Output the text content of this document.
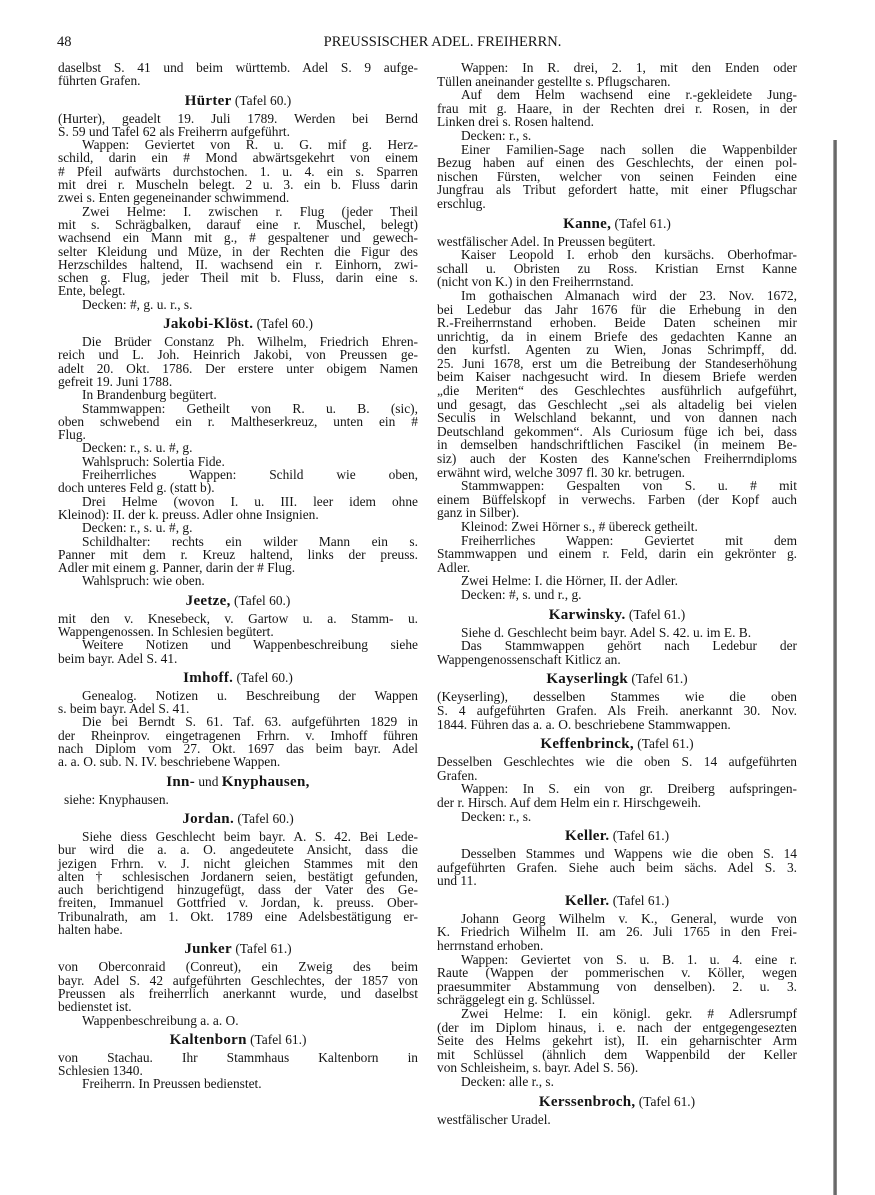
48	PREUSSISCHER ADEL. FREIHERRN.
daselbst S. 41 und beim württemb. Adel S. 9 aufge-
führten Grafen.
Hürter (Tafel 60.)
(Hurter), geadelt 19. Juli 1789. Werden bei Bernd
S. 59 und Tafel 62 als Freiherrn aufgeführt.
Wappen: Geviertet von R. u. G. mif g. Herz-
schild, darin ein # Mond abwärtsgekehrt von einem
# Pfeil aufwärts durchstochen. 1. u. 4. ein s. Sparren
mit drei r. Muscheln belegt. 2 u. 3. ein b. Fluss darin
zwei s. Enten gegeneinander schwimmend.
Zwei Helme: I. zwischen r. Flug (jeder Theil
mit s. Schrägbalken, darauf eine r. Muschel, belegt)
wachsend ein Mann mit g., # gespaltener und gewech-
selter Kleidung und Müze, in der Rechten die Figur des
Herzschildes haltend, II. wachsend ein r. Einhorn, zwi-
schen g. Flug, jeder Theil mit b. Fluss, darin eine s.
Ente, belegt.
Decken: #, g. u. r., s.
Jakobi-Klöst. (Tafel 60.)
Die Brüder Constanz Ph. Wilhelm, Friedrich Ehren-
reich und L. Joh. Heinrich Jakobi, von Preussen ge-
adelt 20. Okt. 1786. Der erstere unter obigem Namen
gefreit 19. Juni 1788.
In Brandenburg begütert.
Stammwappen: Getheilt von R. u. B. (sic),
oben schwebend ein r. Maltheserkreuz, unten ein #
Flug.
Decken: r., s. u. #, g.
Wahlspruch: Solertia Fide.
Freiherrliches Wappen: Schild wie oben,
doch unteres Feld g. (statt b).
Drei Helme (wovon I. u. III. leer idem ohne
Kleinod): II. der k. preuss. Adler ohne Insignien.
Decken: r., s. u. #, g.
Schildhalter: rechts ein wilder Mann ein s.
Panner mit dem r. Kreuz haltend, links der preuss.
Adler mit einem g. Panner, darin der # Flug.
Wahlspruch: wie oben.
Jeetze, (Tafel 60.)
mit den v. Knesebeck, v. Gartow u. a. Stamm- u.
Wappengenossen. In Schlesien begütert.
Weitere Notizen und Wappenbeschreibung siehe
beim bayr. Adel S. 41.
Imhoff. (Tafel 60.)
Genealog. Notizen u. Beschreibung der Wappen
s. beim bayr. Adel S. 41.
Die bei Berndt S. 61. Taf. 63. aufgeführten 1829 in
der Rheinprov. eingetragenen Frhrn. v. Imhoff führen
nach Diplom vom 27. Okt. 1697 das beim bayr. Adel
a. a. O. sub. N. IV. beschriebene Wappen.
Inn- und Knyphausen,
siehe: Knyphausen.
Jordan. (Tafel 60.)
Siehe diess Geschlecht beim bayr. A. S. 42. Bei Lede-
bur wird die a. a. O. angedeutete Ansicht, dass die
jezigen Frhrn. v. J. nicht gleichen Stammes mit den
alten † schlesischen Jordanern seien, bestätigt gefunden,
auch berichtigend hinzugefügt, dass der Vater des Ge-
freiten, Immanuel Gottfried v. Jordan, k. preuss. Ober-
Tribunalrath, am 1. Okt. 1789 eine Adelsbestätigung er-
halten habe.
Junker (Tafel 61.)
von Oberconraid (Conreut), ein Zweig des beim
bayr. Adel S. 42 aufgeführten Geschlechtes, der 1857 von
Preussen als freiherrlich anerkannt wurde, und daselbst
bedienstet ist.
Wappenbeschreibung a. a. O.
Kaltenborn (Tafel 61.)
von Stachau. Ihr Stammhaus Kaltenborn in
Schlesien 1340.
Freiherrn. In Preussen bedienstet.
Wappen: In R. drei, 2. 1, mit den Enden oder
Tüllen aneinander gestellte s. Pflugscharen.
Auf dem Helm wachsend eine r.-gekleidete Jung-
frau mit g. Haare, in der Rechten drei r. Rosen, in der
Linken drei s. Rosen haltend.
Decken: r., s.
Einer Familien-Sage nach sollen die Wappenbilder
Bezug haben auf einen des Geschlechts, der einen pol-
nischen Fürsten, welcher von seinen Feinden eine
Jungfrau als Tribut gefordert hatte, mit einer Pflugschar
erschlug.
Kanne, (Tafel 61.)
westfälischer Adel. In Preussen begütert.
Kaiser Leopold I. erhob den kursächs. Oberhofmar-
schall u. Obristen zu Ross. Kristian Ernst Kanne
(nicht von K.) in den Freiherrnstand.
Im gothaischen Almanach wird der 23. Nov. 1672,
bei Ledebur das Jahr 1676 für die Erhebung in den
R.-Freiherrnstand erhoben. Beide Daten scheinen mir
unrichtig, da in einem Briefe des gedachten Kanne an
den kurfstl. Agenten zu Wien, Jonas Schrimpff, dd.
25. Juni 1678, erst um die Betreibung der Standeserhöhung
beim Kaiser nachgesucht wird. In diesem Briefe werden
„die Meriten“ des Geschlechtes ausführlich aufgeführt,
und gesagt, das Geschlecht „sei als altadelig bei vielen
Seculis in Welschland bekannt, und von dannen nach
Deutschland gekommen“. Als Curiosum füge ich bei, dass
in demselben handschriftlichen Fascikel (in meinem Be-
siz) auch der Kosten des Kanne'schen Freiherrndiploms
erwähnt wird, welche 3097 fl. 30 kr. betrugen.
Stammwappen: Gespalten von S. u. # mit
einem Büffelskopf in verwechs. Farben (der Kopf auch
ganz in Silber).
Kleinod: Zwei Hörner s., # übereck getheilt.
Freiherrliches Wappen: Geviertet mit dem
Stammwappen und einem r. Feld, darin ein gekrönter g.
Adler.
Zwei Helme: I. die Hörner, II. der Adler.
Decken: #, s. und r., g.
Karwinsky. (Tafel 61.)
Siehe d. Geschlecht beim bayr. Adel S. 42. u. im E. B.
Das Stammwappen gehört nach Ledebur der
Wappengenossenschaft Kitlicz an.
Kayserlingk (Tafel 61.)
(Keyserling), desselben Stammes wie die oben
S. 4 aufgeführten Grafen. Als Freih. anerkannt 30. Nov.
1844. Führen das a. a. O. beschriebene Stammwappen.
Keffenbrinck, (Tafel 61.)
Desselben Geschlechtes wie die oben S. 14 aufgeführten
Grafen.
Wappen: In S. ein von gr. Dreiberg aufspringen-
der r. Hirsch. Auf dem Helm ein r. Hirschgeweih.
Decken: r., s.
Keller. (Tafel 61.)
Desselben Stammes und Wappens wie die oben S. 14
aufgeführten Grafen. Siehe auch beim sächs. Adel S. 3.
und 11.
Keller. (Tafel 61.)
Johann Georg Wilhelm v. K., General, wurde von
K. Friedrich Wilhelm II. am 26. Juli 1765 in den Frei-
herrnstand erhoben.
Wappen: Geviertet von S. u. B. 1. u. 4. eine r.
Raute (Wappen der pommerischen v. Köller, wegen
praesummiter Abstammung von denselben). 2. u. 3.
schräggelegt ein g. Schlüssel.
Zwei Helme: I. ein königl. gekr. # Adlersrumpf
(der im Diplom hinaus, i. e. nach der entgegengesezten
Seite des Helms gekehrt ist), II. ein geharnischter Arm
mit Schlüssel (ähnlich dem Wappenbild der Keller
von Schleisheim, s. bayr. Adel S. 56).
Decken: alle r., s.
Kerssenbroch, (Tafel 61.)
westfälischer Uradel.
